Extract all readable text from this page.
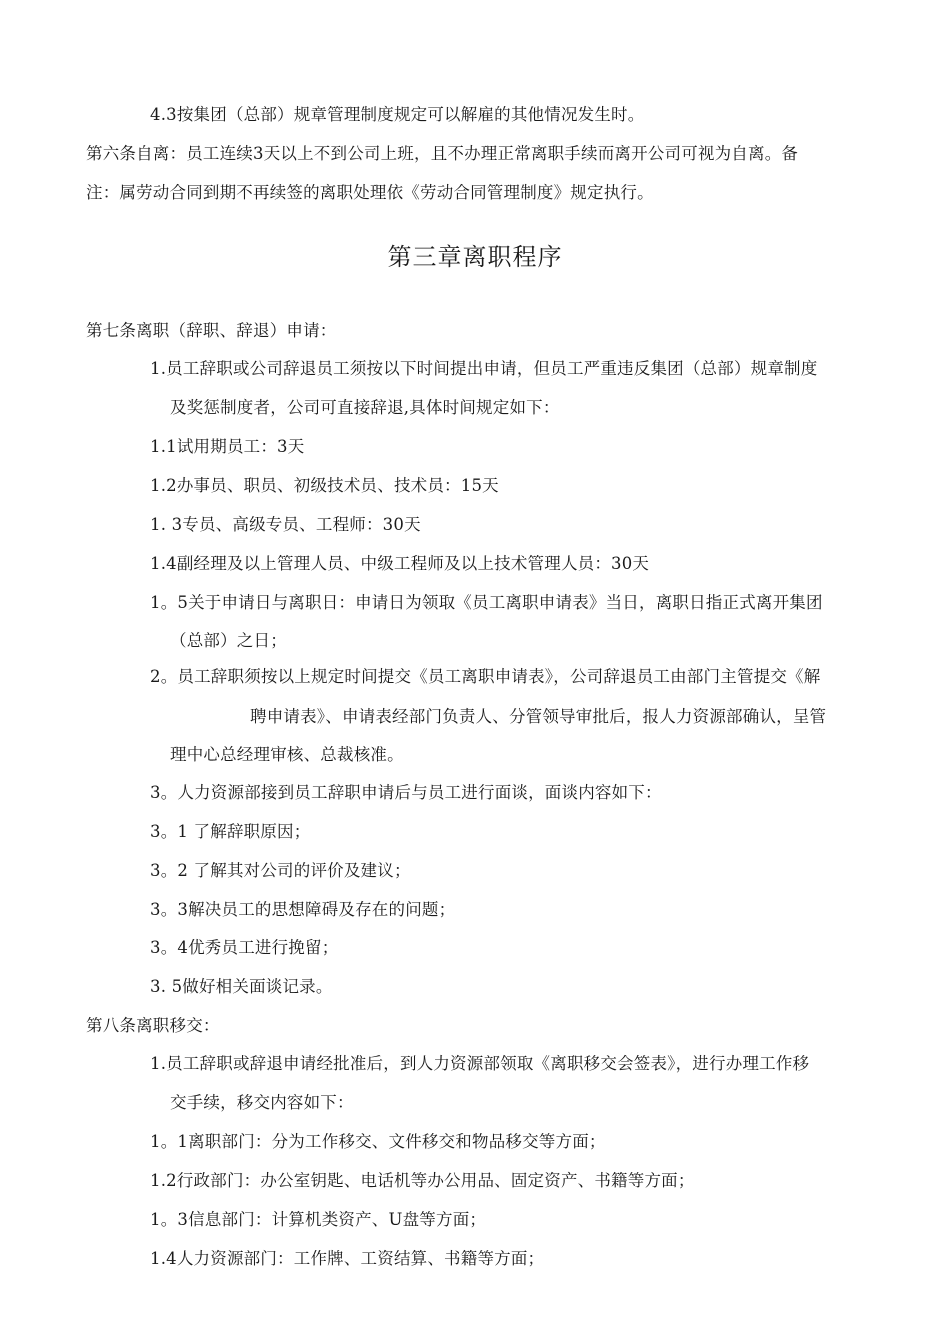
4.3按集团（总部）规章管理制度规定可以解雇的其他情况发生时。
第六条自离：员工连续3天以上不到公司上班，且不办理正常离职手续而离开公司可视为自离。备
注：属劳动合同到期不再续签的离职处理依《劳动合同管理制度》规定执行。
第三章离职程序
第七条离职（辞职、辞退）申请：
1.员工辞职或公司辞退员工须按以下时间提出申请，但员工严重违反集团（总部）规章制度
及奖惩制度者，公司可直接辞退,具体时间规定如下：
1.1试用期员工：3天
1.2办事员、职员、初级技术员、技术员：15天
1. 3专员、高级专员、工程师：30天
1.4副经理及以上管理人员、中级工程师及以上技术管理人员：30天
1。5关于申请日与离职日：申请日为领取《员工离职申请表》当日，离职日指正式离开集团
（总部）之日；
2。员工辞职须按以上规定时间提交《员工离职申请表》，公司辞退员工由部门主管提交《解
聘申请表》、申请表经部门负责人、分管领导审批后，报人力资源部确认，呈管
理中心总经理审核、总裁核准。
3。人力资源部接到员工辞职申请后与员工进行面谈，面谈内容如下：
3。1 了解辞职原因；
3。2 了解其对公司的评价及建议；
3。3解决员工的思想障碍及存在的问题；
3。4优秀员工进行挽留；
3. 5做好相关面谈记录。
第八条离职移交：
1.员工辞职或辞退申请经批准后，到人力资源部领取《离职移交会签表》，进行办理工作移
交手续，移交内容如下：
1。1离职部门：分为工作移交、文件移交和物品移交等方面；
1.2行政部门：办公室钥匙、电话机等办公用品、固定资产、书籍等方面；
1。3信息部门：计算机类资产、U盘等方面；
1.4人力资源部门：工作牌、工资结算、书籍等方面；
